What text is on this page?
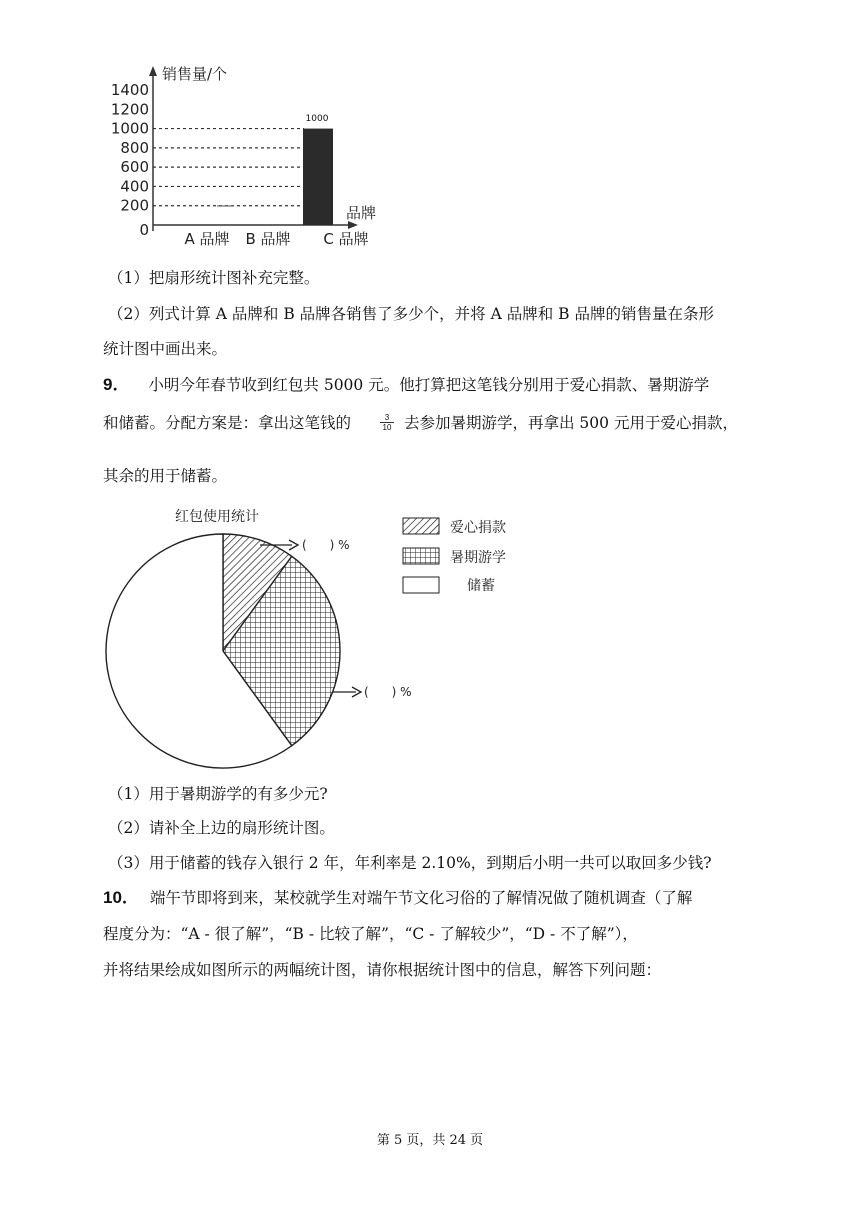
销售量/个
品牌
0
200
400
600
800
1000
1200
1400
A 品牌 B 品牌 C 品牌
1000
（1）把扇形统计图补充完整。
（2）列式计算 A 品牌和 B 品牌各销售了多少个，并将 A 品牌和 B 品牌的销售量在条形
统计图中画出来。
9． 小明今年春节收到红包共 5000 元。他打算把这笔钱分别用于爱心捐款、暑期游学
和储蓄。分配方案是：拿出这笔钱的	3
10 去参加暑期游学，再拿出 500 元用于爱心捐款，
其余的用于储蓄。
红包使用统计
(      ) %
(      ) %
爱心捐款
暑期游学
储蓄
（1）用于暑期游学的有多少元?
（2）请补全上边的扇形统计图。
（3）用于储蓄的钱存入银行 2 年，年利率是 2.10%，到期后小明一共可以取回多少钱?
10． 端午节即将到来，某校就学生对端午节文化习俗的了解情况做了随机调查（了解
程度分为：“A - 很了解”，“B - 比较了解”，“C - 了解较少”，“D - 不了解”），
并将结果绘成如图所示的两幅统计图，请你根据统计图中的信息，解答下列问题：
第 5 页，共 24 页
